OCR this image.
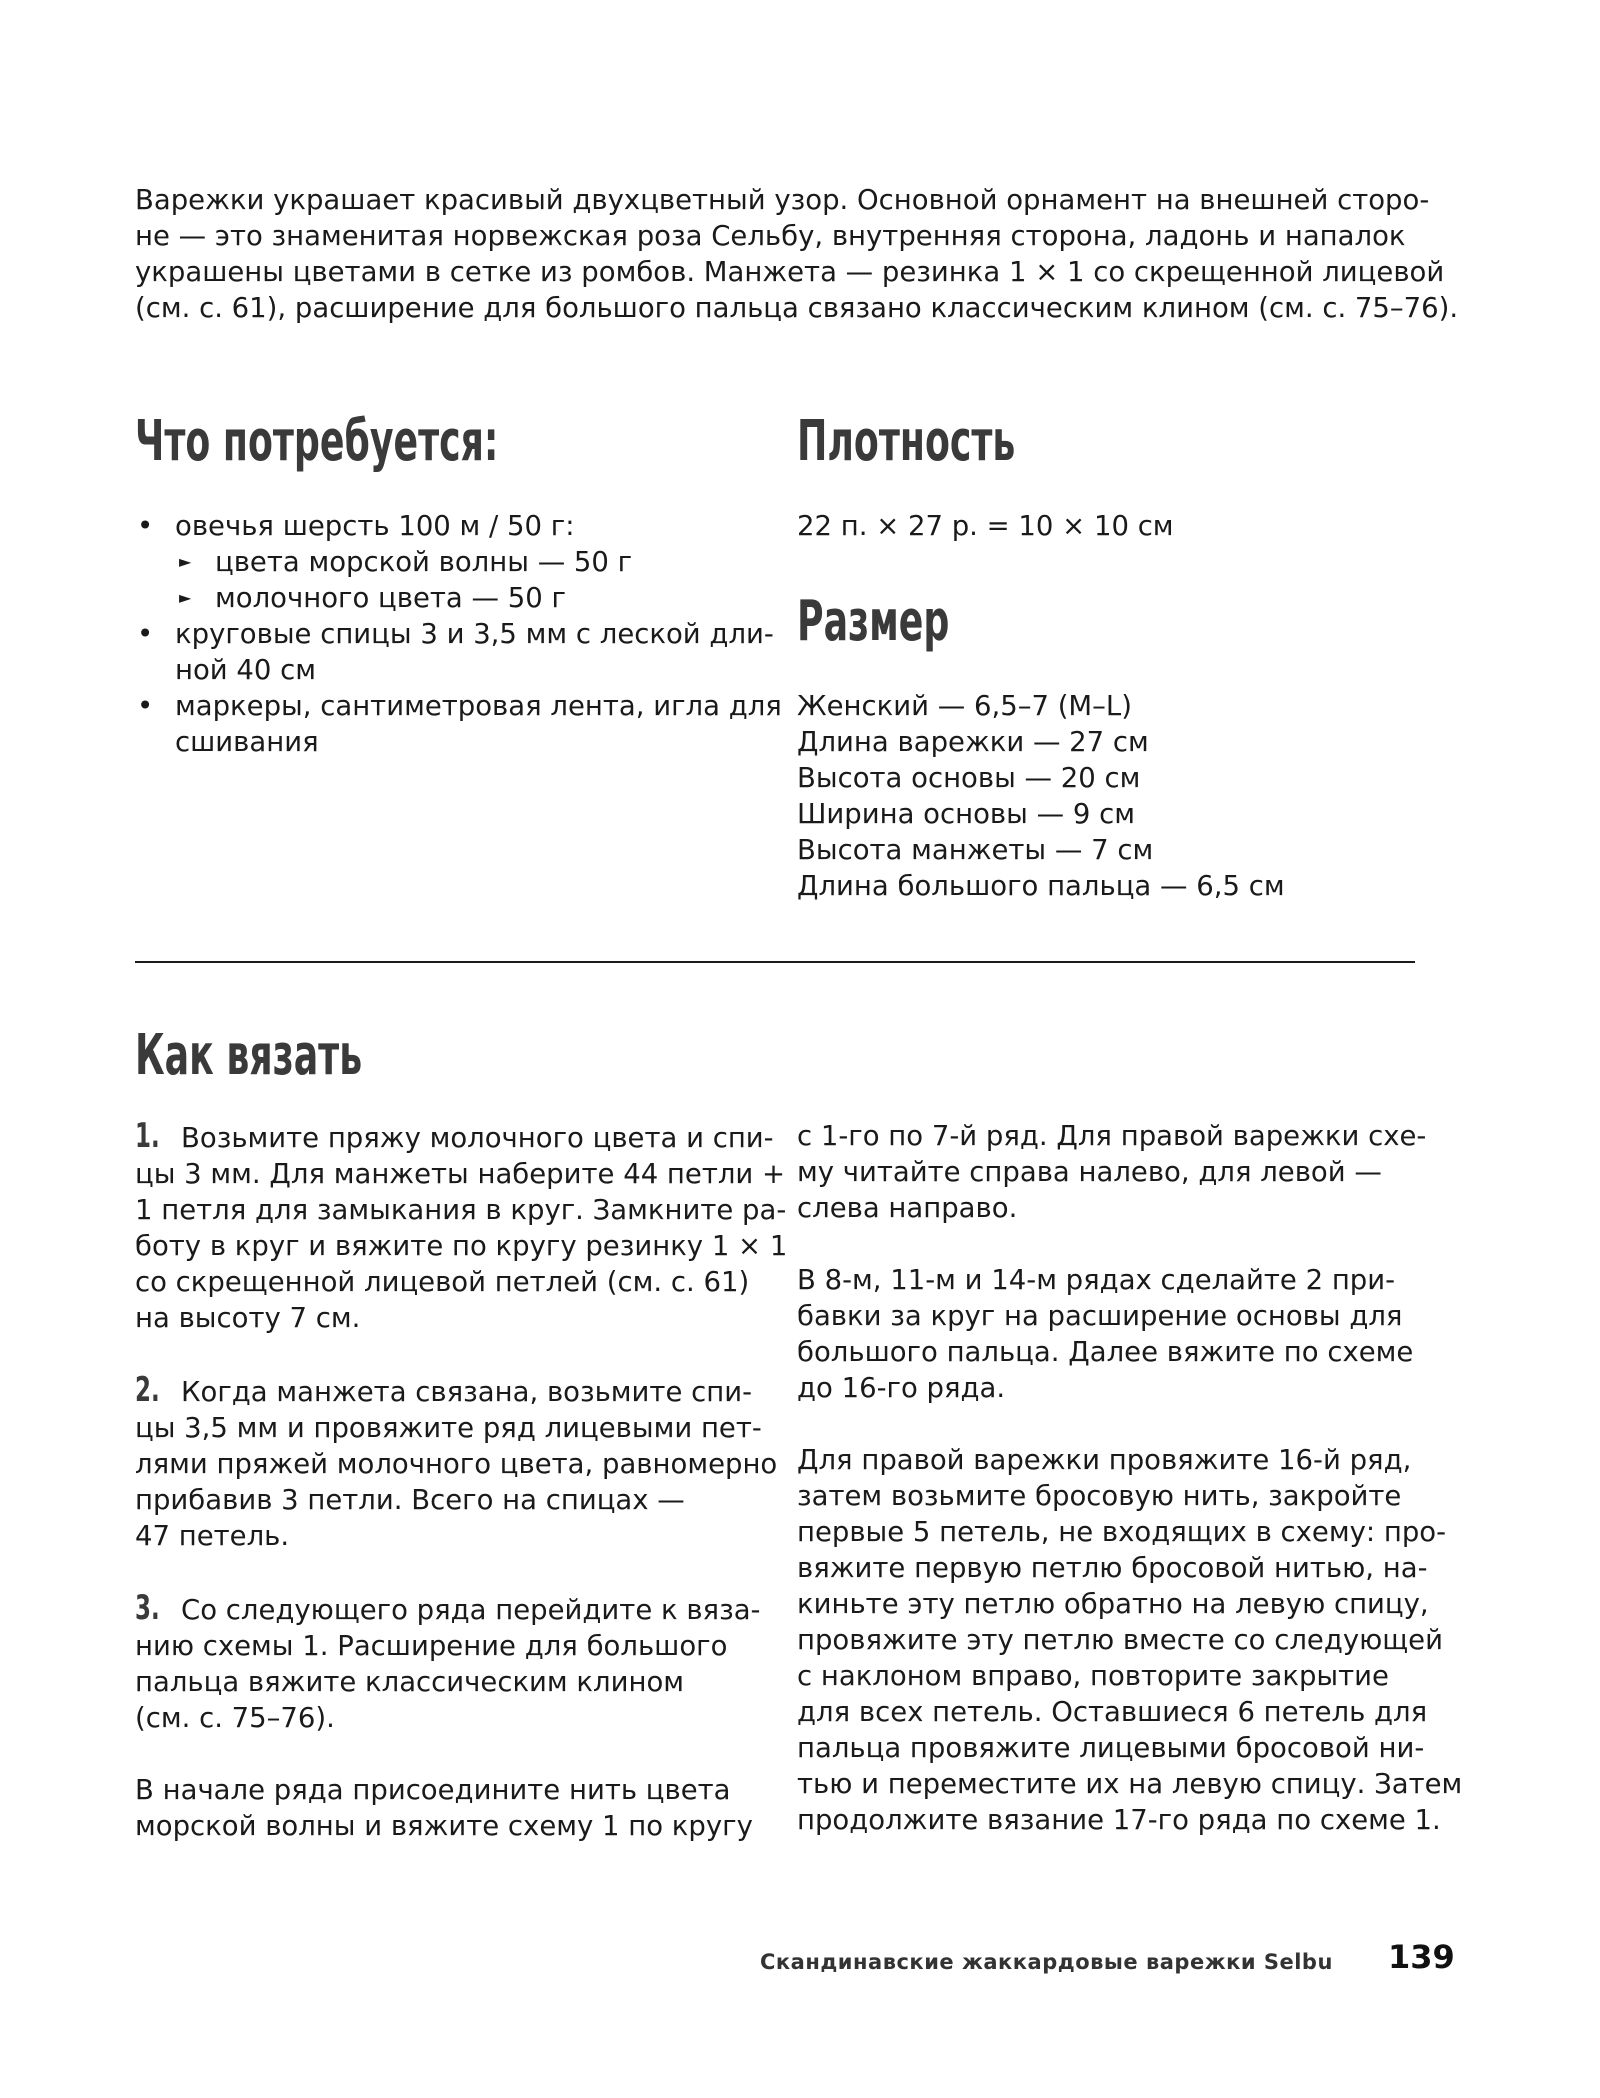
Варежки украшает красивый двухцветный узор. Основной орнамент на внешней сторо-
не — это знаменитая норвежская роза Сельбу, внутренняя сторона, ладонь и напалок
украшены цветами в сетке из ромбов. Манжета — резинка 1 × 1 со скрещенной лицевой
(см. с. 61), расширение для большого пальца связано классическим клином (см. с. 75–76).

Что потребуется:
• овечья шерсть 100 м / 50 г:
► цвета морской волны — 50 г
► молочного цвета — 50 г
• круговые спицы 3 и 3,5 мм с леской дли-
ной 40 см
• маркеры, сантиметровая лента, игла для
сшивания
Плотность

22 п. × 27 р. = 10 × 10 см

Размер
Женский — 6,5–7 (M–L)
Длина варежки — 27 см
Высота основы — 20 см
Ширина основы — 9 см
Высота манжеты — 7 см
Длина большого пальца — 6,5 см
Как вязать

1. Возьмите пряжу молочного цвета и спи-
цы 3 мм. Для манжеты наберите 44 петли +
1 петля для замыкания в круг. Замкните ра-
боту в круг и вяжите по кругу резинку 1 × 1
со скрещенной лицевой петлей (см. с. 61)
на высоту 7 см.

2. Когда манжета связана, возьмите спи-
цы 3,5 мм и провяжите ряд лицевыми пет-
лями пряжей молочного цвета, равномерно
прибавив 3 петли. Всего на спицах —
47 петель.

3. Со следующего ряда перейдите к вяза-
нию схемы 1. Расширение для большого
пальца вяжите классическим клином
(см. с. 75–76).

В начале ряда присоедините нить цвета
морской волны и вяжите схему 1 по кругу

с 1-го по 7-й ряд. Для правой варежки схе-
му читайте справа налево, для левой —
слева направо.

В 8-м, 11-м и 14-м рядах сделайте 2 при-
бавки за круг на расширение основы для
большого пальца. Далее вяжите по схеме
до 16-го ряда.

Для правой варежки провяжите 16-й ряд,
затем возьмите бросовую нить, закройте
первые 5 петель, не входящих в схему: про-
вяжите первую петлю бросовой нитью, на-
киньте эту петлю обратно на левую спицу,
провяжите эту петлю вместе со следующей
с наклоном вправо, повторите закрытие
для всех петель. Оставшиеся 6 петель для
пальца провяжите лицевыми бросовой ни-
тью и переместите их на левую спицу. Затем
продолжите вязание 17-го ряда по схеме 1.

Скандинавские жаккардовые варежки Selbu 139
